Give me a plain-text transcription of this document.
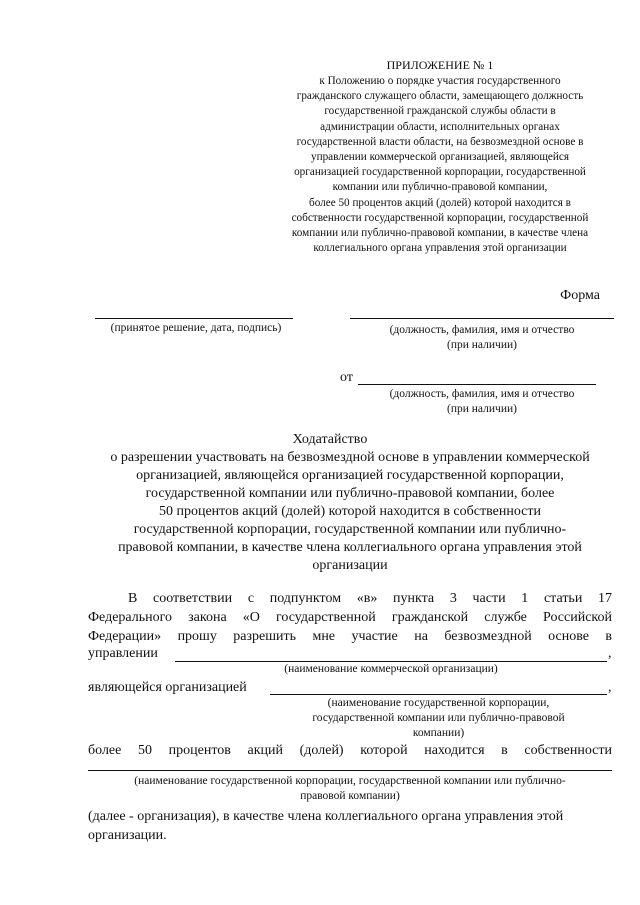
ПРИЛОЖЕНИЕ № 1
к Положению о порядке участия государственного
гражданского служащего области, замещающего должность
государственной гражданской службы области в
администрации области, исполнительных органах
государственной власти области, на безвозмездной основе в
управлении коммерческой организацией, являющейся
организацией государственной корпорации, государственной
компании или публично-правовой компании,
более 50 процентов акций (долей) которой находится в
собственности государственной корпорации, государственной
компании или публично-правовой компании, в качестве члена
коллегиального органа управления этой организации
Форма
(принятое решение, дата, подпись)	(должность, фамилия, имя и отчество
(при наличии)
от
(должность, фамилия, имя и отчество
(при наличии)
Ходатайство
о разрешении участвовать на безвозмездной основе в управлении коммерческой
организацией, являющейся организацией государственной корпорации,
государственной компании или публично-правовой компании, более
50 процентов акций (долей) которой находится в собственности
государственной корпорации, государственной компании или публично-
правовой компании, в качестве члена коллегиального органа управления этой
организации
В соответствии с подпунктом «в» пункта 3 части 1 статьи 17
Федерального закона «О государственной гражданской службе Российской
Федерации» прошу разрешить мне участие на безвозмездной основе в
управлении	,
(наименование коммерческой организации)
являющейся организацией	,
(наименование государственной корпорации,
государственной компании или публично-правовой
компании)
более 50 процентов акций (долей) которой находится в собственности
(наименование государственной корпорации, государственной компании или публично-
правовой компании)
(далее - организация), в качестве члена коллегиального органа управления этой
организации.
